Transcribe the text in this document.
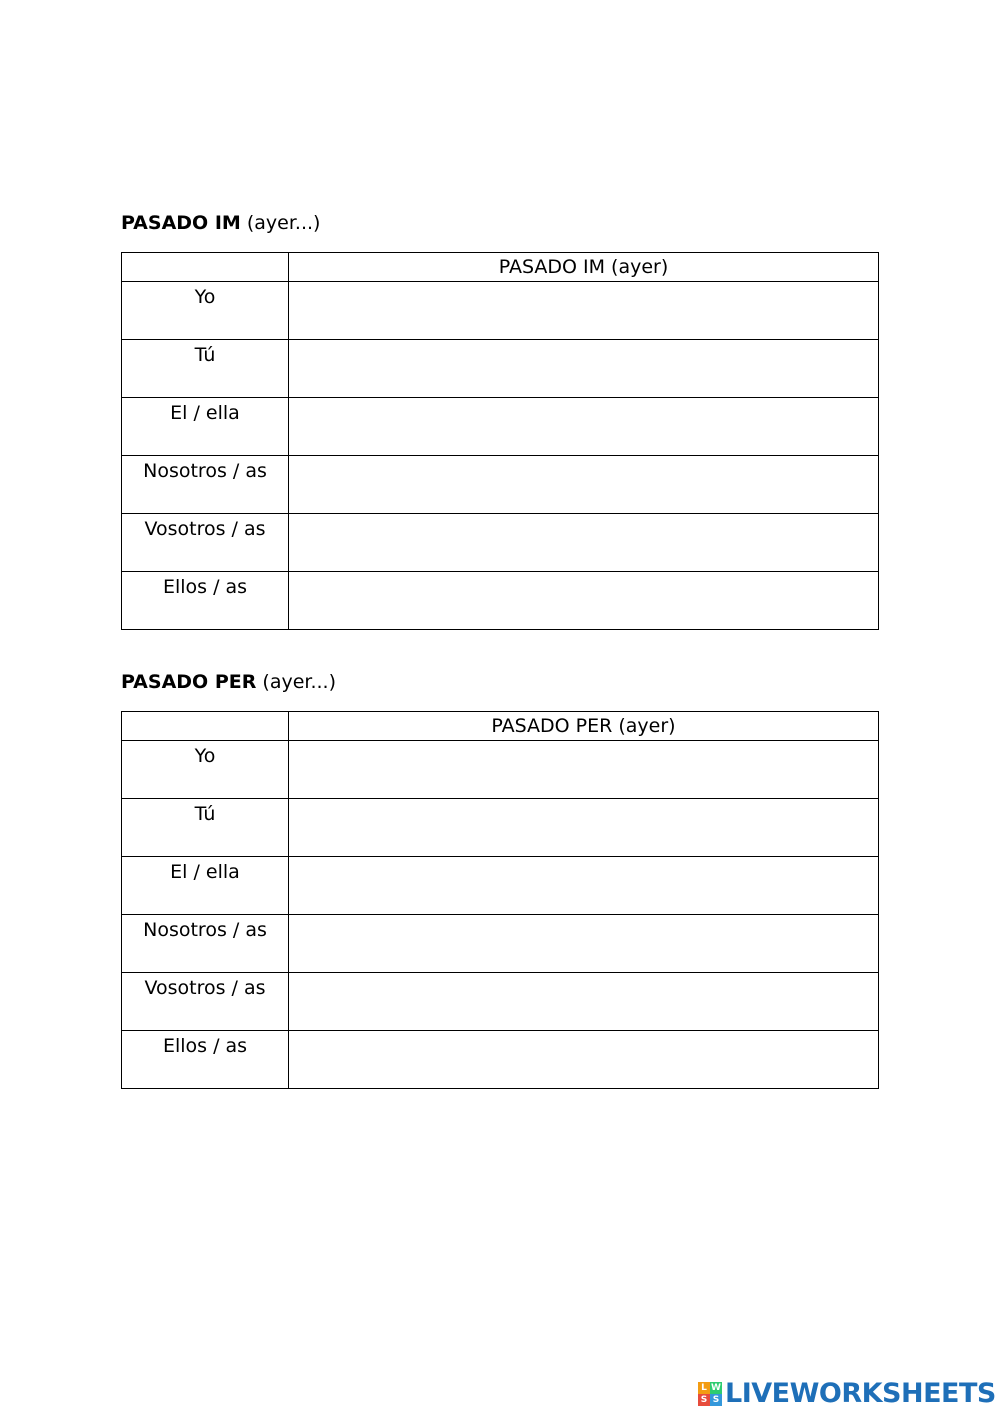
PASADO IM (ayer...)
	PASADO IM (ayer)
Yo	
Tú	
El / ella	
Nosotros / as	
Vosotros / as	
Ellos / as	
PASADO PER (ayer...)
	PASADO PER (ayer)
Yo	
Tú	
El / ella	
Nosotros / as	
Vosotros / as	
Ellos / as	
L W
S S LIVEWORKSHEETS
